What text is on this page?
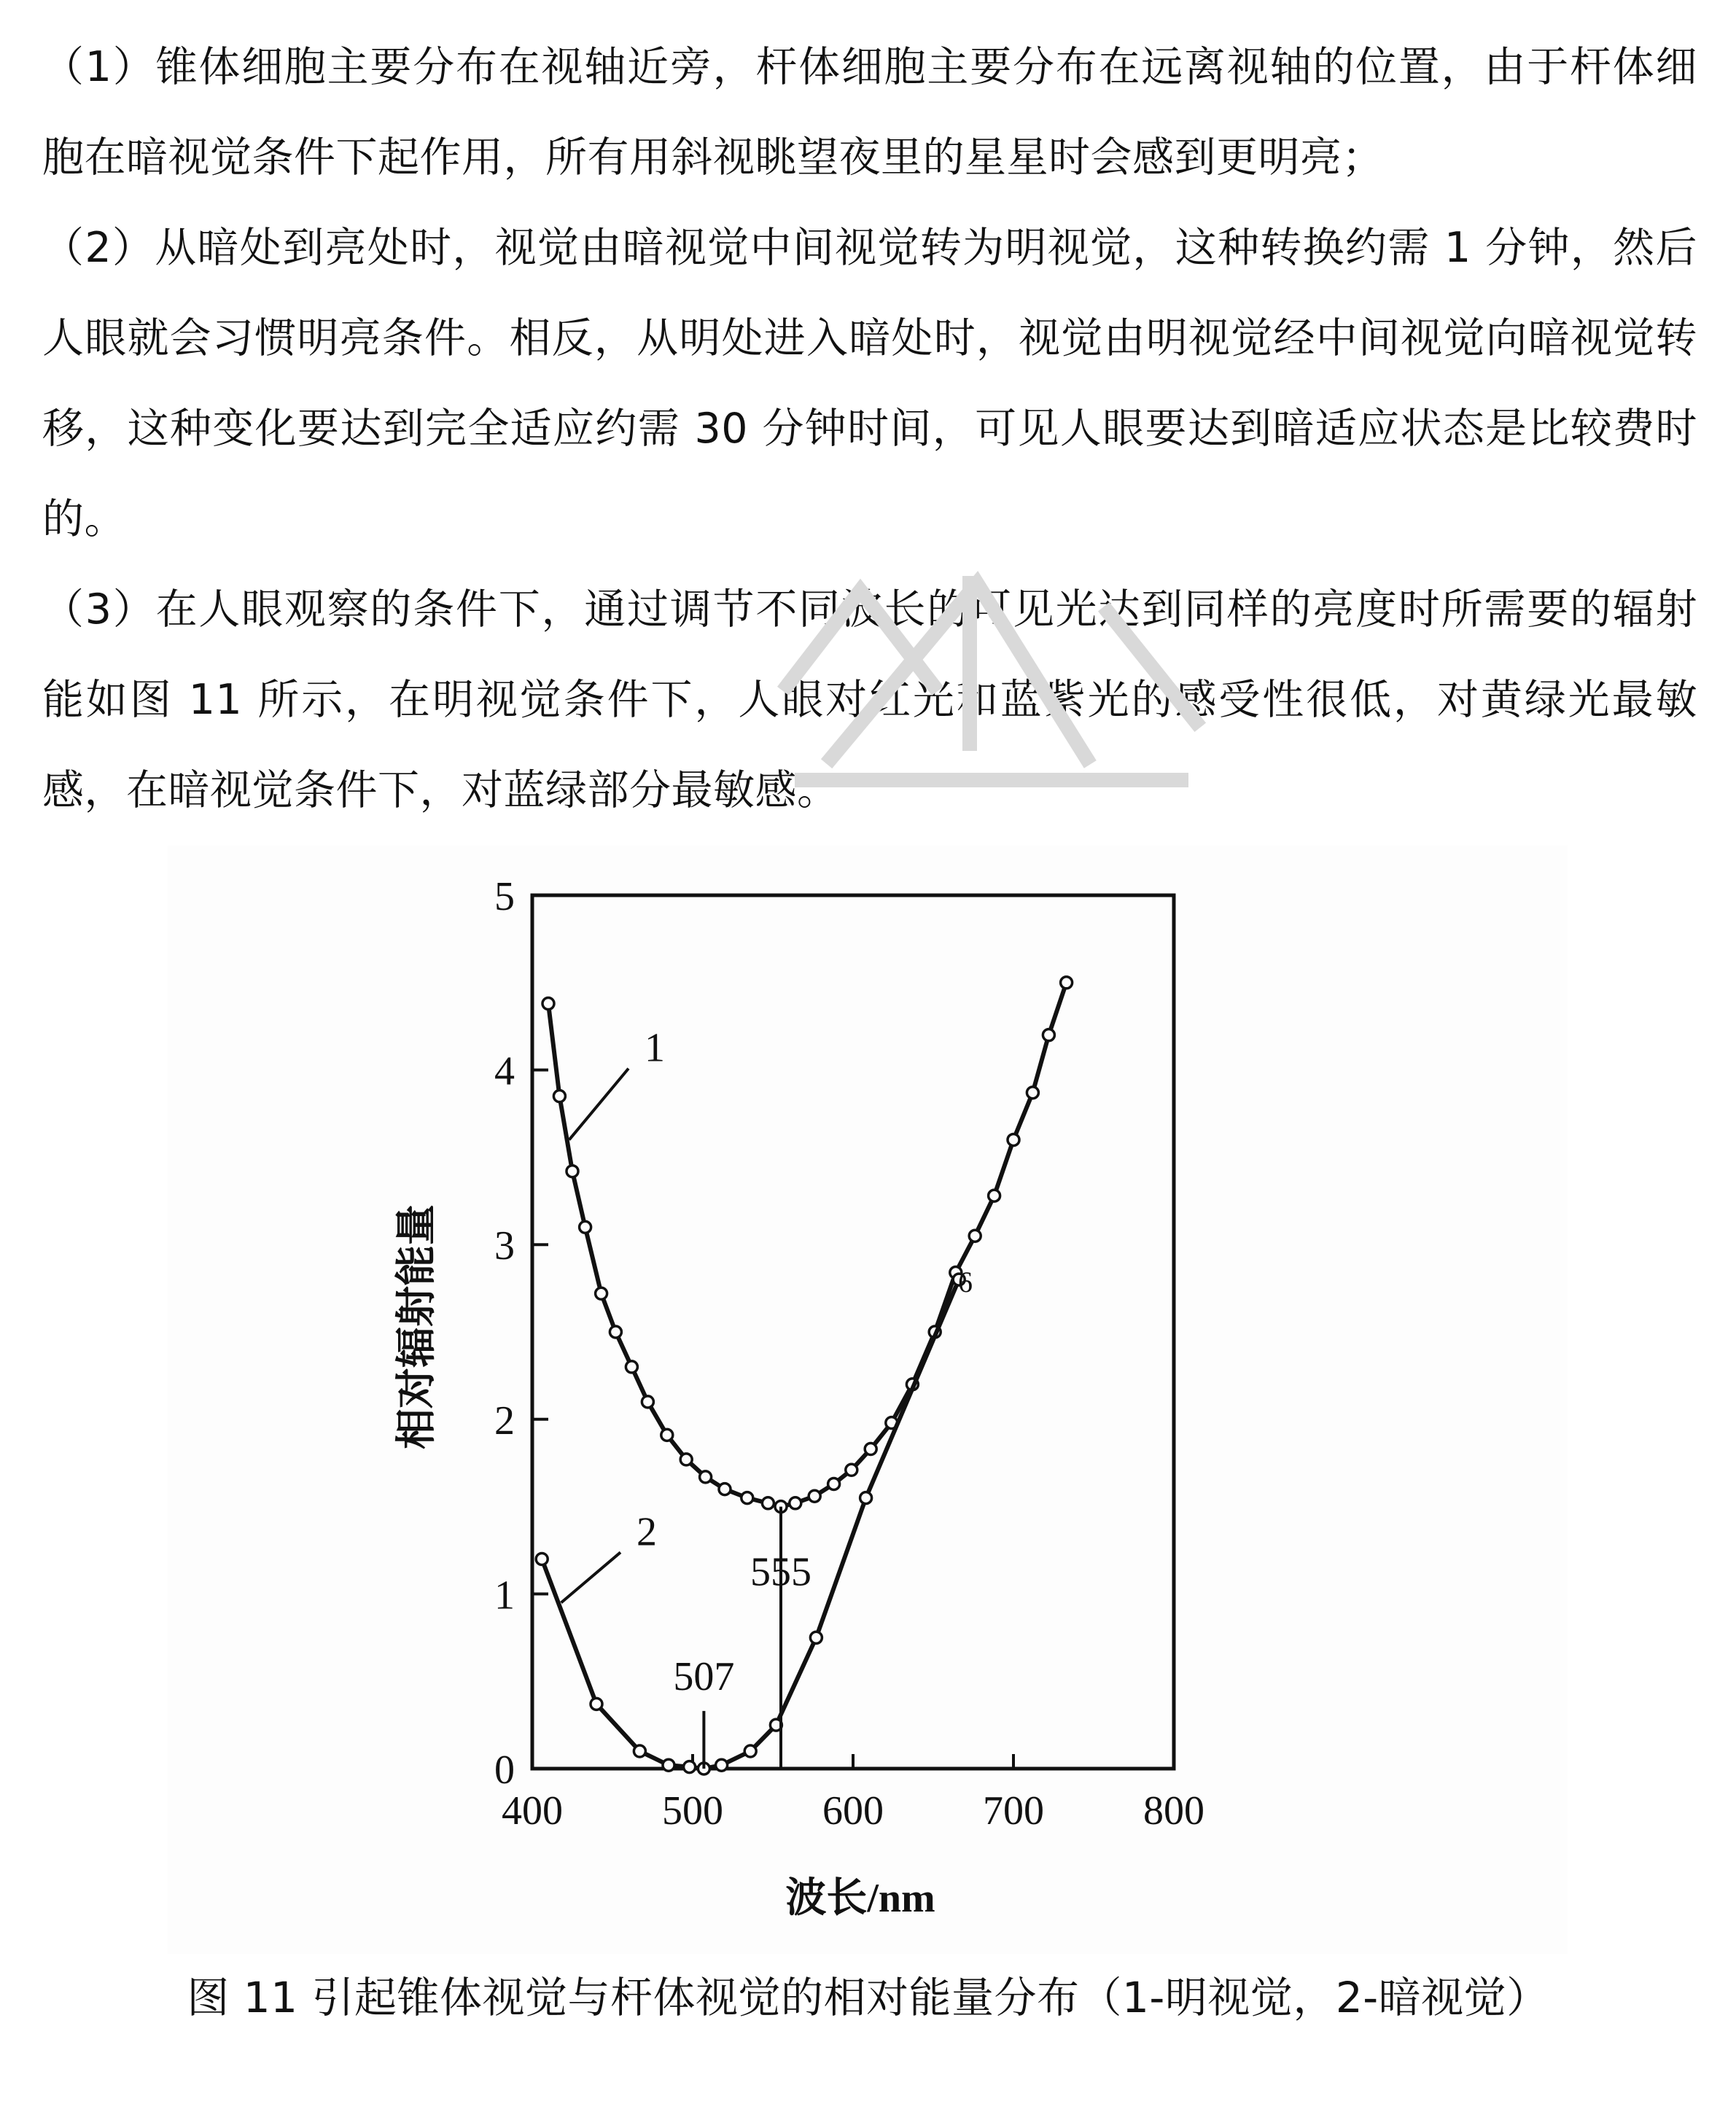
（1）锥体细胞主要分布在视轴近旁，杆体细胞主要分布在远离视轴的位置，由于杆体细胞在暗视觉条件下起作用，所有用斜视眺望夜里的星星时会感到更明亮；

（2）从暗处到亮处时，视觉由暗视觉中间视觉转为明视觉，这种转换约需 1 分钟，然后人眼就会习惯明亮条件。相反，从明处进入暗处时，视觉由明视觉经中间视觉向暗视觉转移，这种变化要达到完全适应约需 30 分钟时间，可见人眼要达到暗适应状态是比较费时的。

（3）在人眼观察的条件下，通过调节不同波长的可见光达到同样的亮度时所需要的辐射能如图 11 所示，在明视觉条件下，人眼对红光和蓝紫光的感受性很低，对黄绿光最敏感，在暗视觉条件下，对蓝绿部分最敏感。

0
1
2
3
4
5
400 500 600 700 800
1
2
555
507
6
相对辐射能量
波长/nm
图 11 引起锥体视觉与杆体视觉的相对能量分布（1-明视觉，2-暗视觉）
